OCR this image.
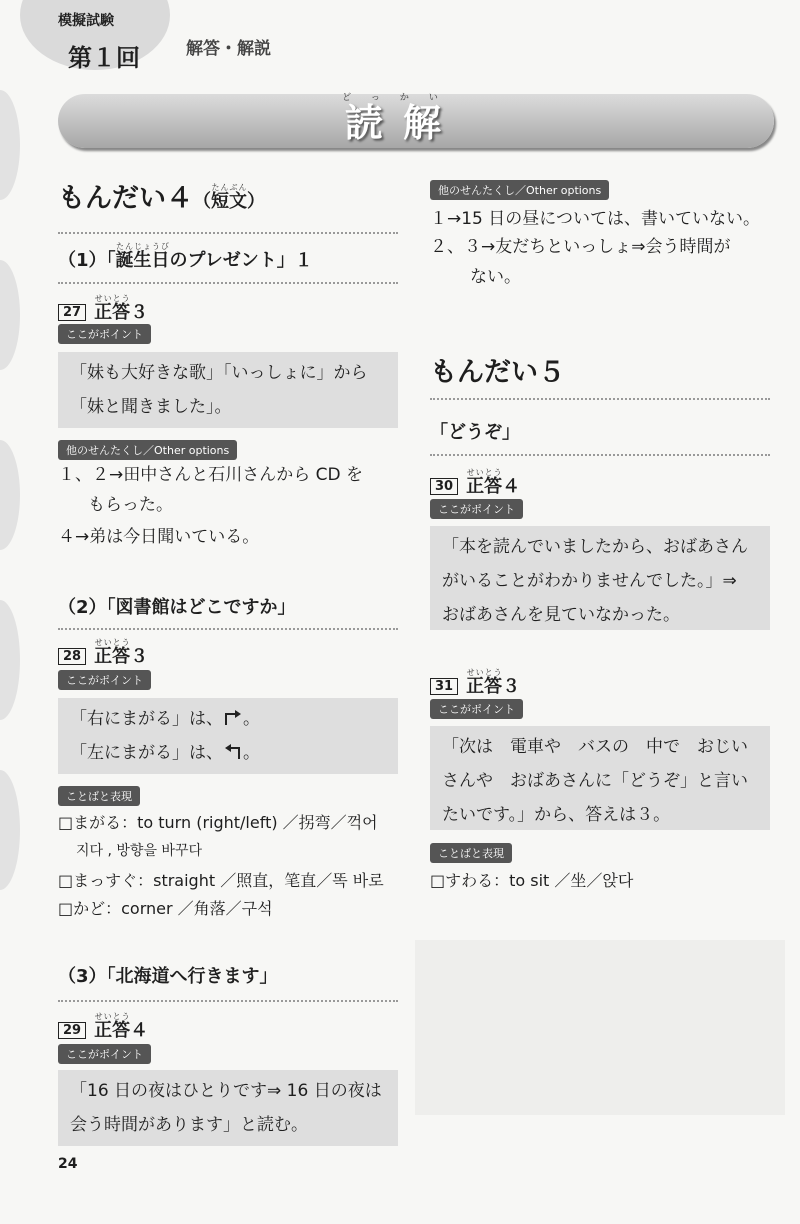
模擬試験
第１回	解答・解説
読解どっかい
もんだい４（短文たんぶん）
（1）「誕生日たんじょうびのプレゼント」１
27 正答せいとう３
ここがポイント
「妹も大好きな歌」「いっしょに」から
「妹と聞きました」。
他のせんたくし／Other options
１、２→田中さんと石川さんから CD を
もらった。
４→弟は今日聞いている。
（2）「図書館はどこですか」
28 正答せいとう３
ここがポイント
「右にまがる」は、 。
「左にまがる」は、 。
ことばと表現
□まがる：to turn (right/left) ／拐弯／꺽어
지다 , 방향을 바꾸다
□まっすぐ：straight ／照直，笔直／똑 바로
□かど：corner ／角落／구석
（3）「北海道へ行きます」
29 正答せいとう４
ここがポイント
「16 日の夜はひとりです⇒ 16 日の夜は
会う時間があります」と読む。
24
他のせんたくし／Other options
１→15 日の昼については、書いていない。
２、３→友だちといっしょ⇒会う時間が
ない。
もんだい５
「どうぞ」
30 正答せいとう４
ここがポイント
「本を読んでいましたから、おばあさん
がいることがわかりませんでした。」⇒
おばあさんを見ていなかった。
31 正答せいとう３
ここがポイント
「次は　電車や　バスの　中で　おじい
さんや　おばあさんに「どうぞ」と言い
たいです。」から、答えは３。
ことばと表現
□すわる：to sit ／坐／앉다
